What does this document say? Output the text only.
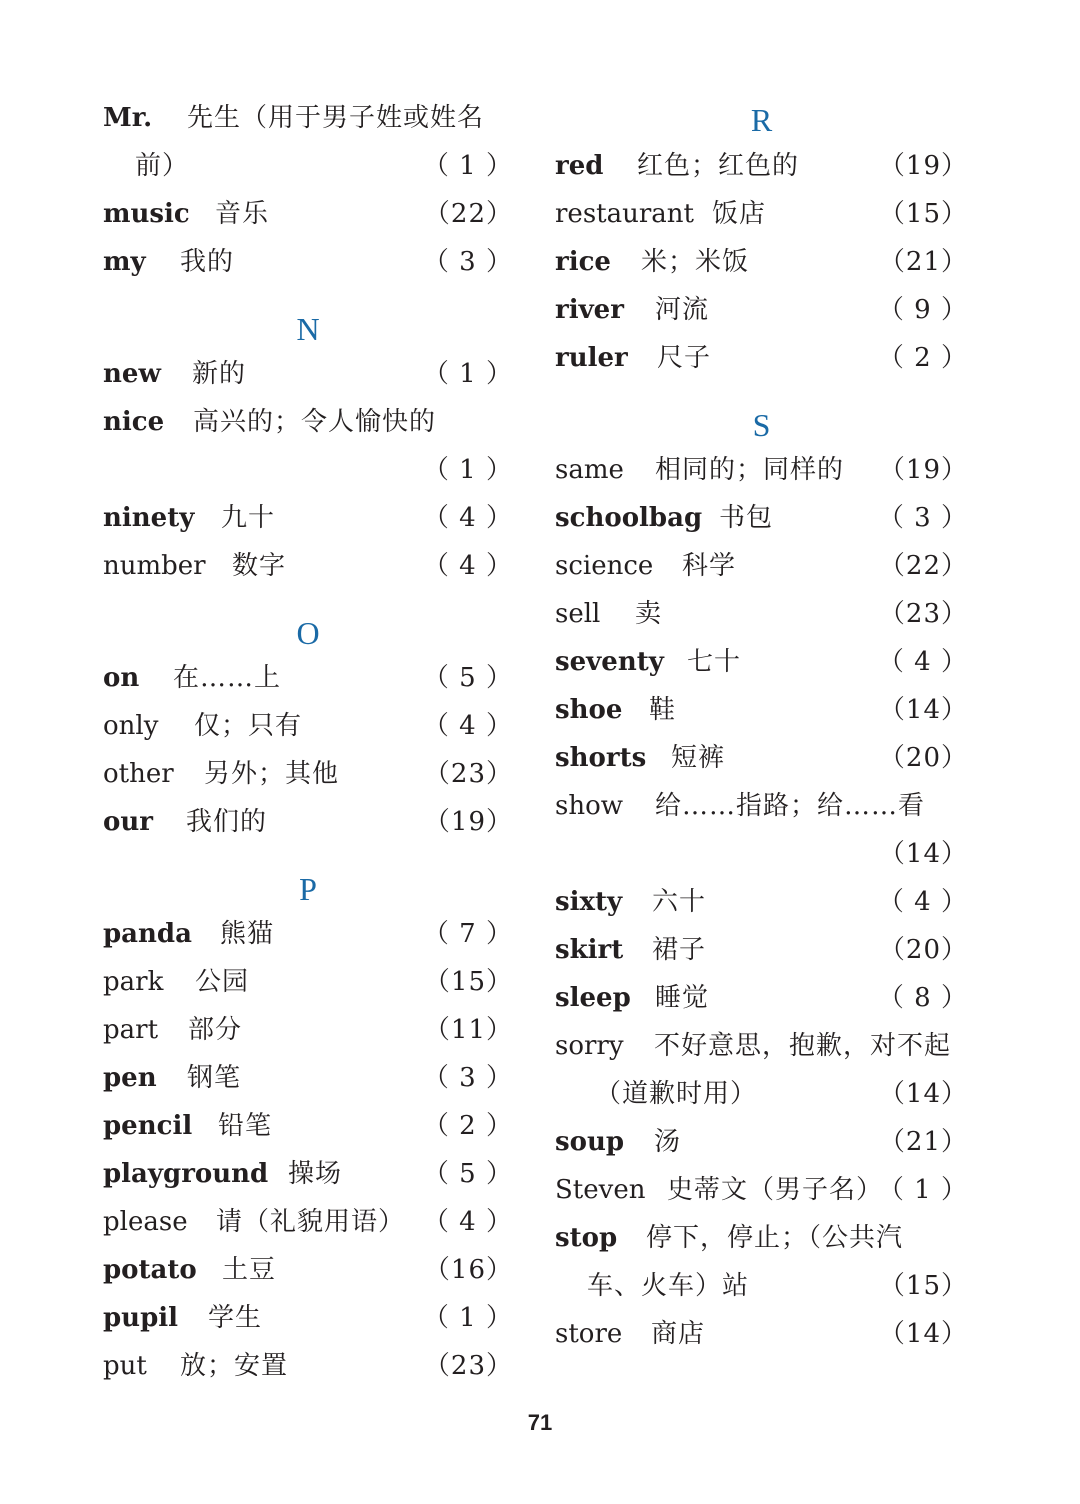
Mr. 先生（用于男子姓或姓名
前）	（ 1 ）
music 音乐	（22）
my 我的	（ 3 ）
N
new 新的	（ 1 ）
nice 高兴的；令人愉快的
（ 1 ）
ninety 九十	（ 4 ）
number 数字	（ 4 ）
O
on 在……上	（ 5 ）
only 仅；只有	（ 4 ）
other 另外；其他	（23）
our 我们的	（19）
P
panda 熊猫	（ 7 ）
park 公园	（15）
part 部分	（11）
pen 钢笔	（ 3 ）
pencil 铅笔	（ 2 ）
playground 操场	（ 5 ）
please 请（礼貌用语） （ 4 ）
potato 土豆	（16）
pupil 学生	（ 1 ）
put 放；安置	（23）
R
red 红色；红色的	（19）
restaurant 饭店	（15）
rice 米；米饭	（21）
river 河流	（ 9 ）
ruler 尺子	（ 2 ）
S
same 相同的；同样的 （19）
schoolbag 书包	（ 3 ）
science 科学	（22）
sell 卖	（23）
seventy 七十	（ 4 ）
shoe 鞋	（14）
shorts 短裤	（20）
show 给……指路；给……看
（14）
sixty 六十	（ 4 ）
skirt 裙子	（20）
sleep 睡觉	（ 8 ）
sorry 不好意思，抱歉，对不起
（道歉时用）	（14）
soup 汤	（21）
Steven 史蒂文（男子名）
（ 1 ）
stop 停下，停止；（公共汽
车、火车）站	（15）
store 商店	（14）
71
